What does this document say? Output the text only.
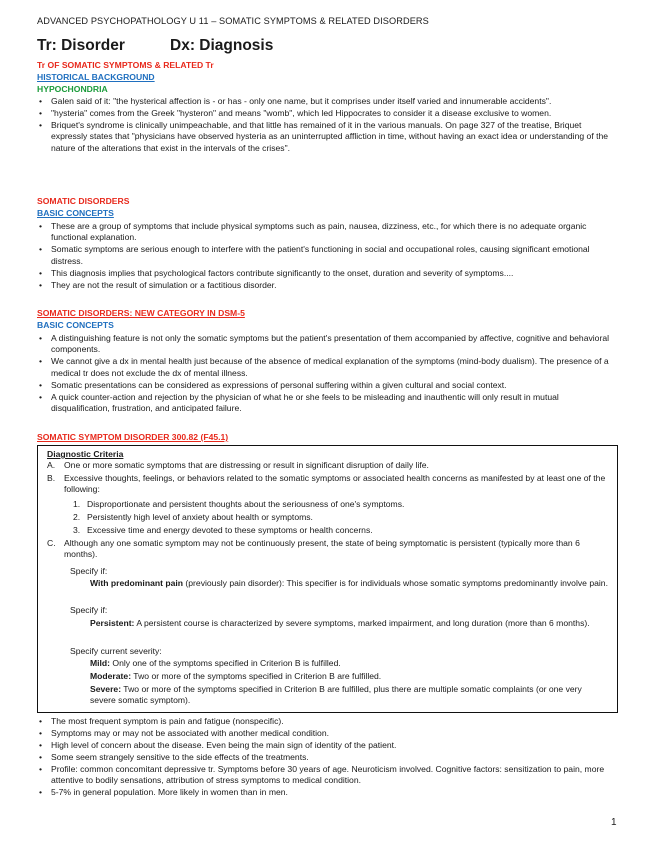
ADVANCED PSYCHOPATHOLOGY U 11 – SOMATIC SYMPTOMS & RELATED DISORDERS
Tr: Disorder	Dx: Diagnosis
Tr OF SOMATIC SYMPTOMS & RELATED Tr
HISTORICAL BACKGROUND
HYPOCHONDRIA
• Galen said of it: "the hysterical affection is - or has - only one name, but it comprises under itself varied and innumerable accidents".
• "hysteria" comes from the Greek "hysteron" and means "womb", which led Hippocrates to consider it a disease exclusive to women.
• Briquet's syndrome is clinically unimpeachable, and that little has remained of it in the various manuals. On page 327 of the treatise, Briquet expressly states that "physicians have observed hysteria as an uninterrupted affliction in time, without having an exact idea or understanding of the nature of the alterations that exist in the intervals of the crises".
SOMATIC DISORDERS
BASIC CONCEPTS
• These are a group of symptoms that include physical symptoms such as pain, nausea, dizziness, etc., for which there is no adequate organic functional explanation.
• Somatic symptoms are serious enough to interfere with the patient's functioning in social and occupational roles, causing significant emotional distress.
• This diagnosis implies that psychological factors contribute significantly to the onset, duration and severity of symptoms....
• They are not the result of simulation or a factitious disorder.
SOMATIC DISORDERS: NEW CATEGORY IN DSM-5
BASIC CONCEPTS
• A distinguishing feature is not only the somatic symptoms but the patient's presentation of them accompanied by affective, cognitive and behavioral components.
• We cannot give a dx in mental health just because of the absence of medical explanation of the symptoms (mind-body dualism). The presence of a medical tr does not exclude the dx of mental illness.
• Somatic presentations can be considered as expressions of personal suffering within a given cultural and social context.
• A quick counter-action and rejection by the physician of what he or she feels to be misleading and inauthentic will only result in mutual disqualification, frustration, and anticipated failure.
SOMATIC SYMPTOM DISORDER 300.82 (F45.1)
Diagnostic Criteria
A. One or more somatic symptoms that are distressing or result in significant disruption of daily life.
B. Excessive thoughts, feelings, or behaviors related to the somatic symptoms or associated health concerns as manifested by at least one of the following:
1. Disproportionate and persistent thoughts about the seriousness of one's symptoms.
2. Persistently high level of anxiety about health or symptoms.
3. Excessive time and energy devoted to these symptoms or health concerns.
C. Although any one somatic symptom may not be continuously present, the state of being symptomatic is persistent (typically more than 6 months).
Specify if:
With predominant pain (previously pain disorder): This specifier is for individuals whose somatic symptoms predominantly involve pain.
Specify if:
Persistent: A persistent course is characterized by severe symptoms, marked impairment, and long duration (more than 6 months).
Specify current severity:
Mild: Only one of the symptoms specified in Criterion B is fulfilled.
Moderate: Two or more of the symptoms specified in Criterion B are fulfilled.
Severe: Two or more of the symptoms specified in Criterion B are fulfilled, plus there are multiple somatic complaints (or one very severe somatic symptom).
• The most frequent symptom is pain and fatigue (nonspecific).
• Symptoms may or may not be associated with another medical condition.
• High level of concern about the disease. Even being the main sign of identity of the patient.
• Some seem strangely sensitive to the side effects of the treatments.
• Profile: common concomitant depressive tr. Symptoms before 30 years of age. Neuroticism involved. Cognitive factors: sensitization to pain, more attentive to bodily sensations, attribution of stress symptoms to medical condition.
• 5-7% in general population. More likely in women than in men.
1
